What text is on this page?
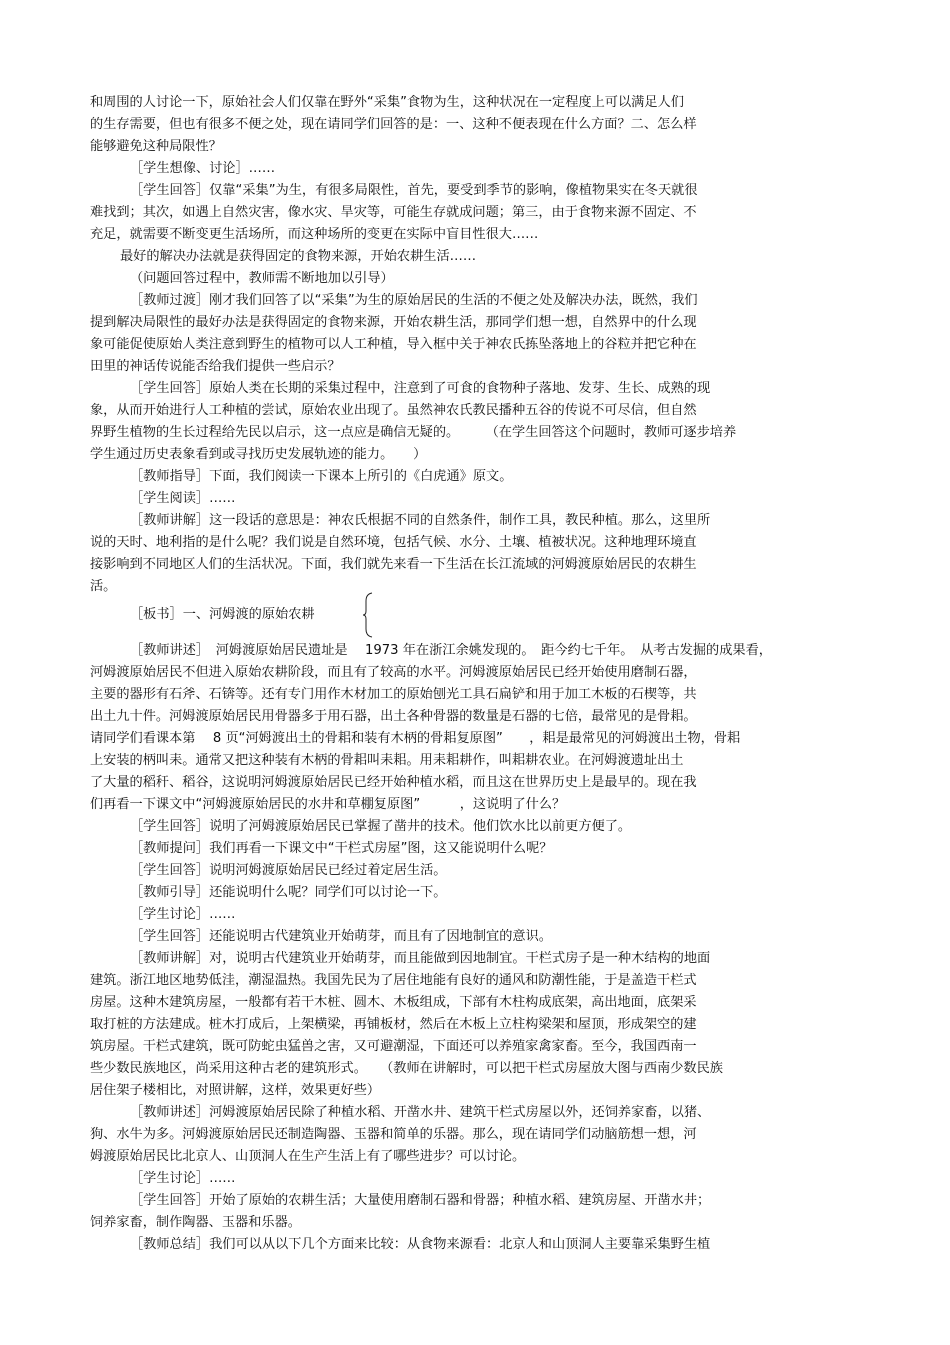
和周围的人讨论一下，原始社会人们仅靠在野外“采集”食物为生，这种状况在一定程度上可以满足人们
的生存需要，但也有很多不便之处，现在请同学们回答的是：一、这种不便表现在什么方面？二、怎么样
能够避免这种局限性？
［学生想像、讨论］……
［学生回答］仅靠“采集”为生，有很多局限性，首先，要受到季节的影响，像植物果实在冬天就很
难找到；其次，如遇上自然灾害，像水灾、旱灾等，可能生存就成问题；第三，由于食物来源不固定、不
充足，就需要不断变更生活场所，而这种场所的变更在实际中盲目性很大……
最好的解决办法就是获得固定的食物来源，开始农耕生活……
（问题回答过程中，教师需不断地加以引导）
［教师过渡］刚才我们回答了以“采集”为生的原始居民的生活的不便之处及解决办法，既然，我们
提到解决局限性的最好办法是获得固定的食物来源，开始农耕生活，那同学们想一想，自然界中的什么现
象可能促使原始人类注意到野生的植物可以人工种植，导入框中关于神农氏拣坠落地上的谷粒并把它种在
田里的神话传说能否给我们提供一些启示？
［学生回答］原始人类在长期的采集过程中，注意到了可食的食物种子落地、发芽、生长、成熟的现
象，从而开始进行人工种植的尝试，原始农业出现了。虽然神农氏教民播种五谷的传说不可尽信，但自然
界野生植物的生长过程给先民以启示，这一点应是确信无疑的。　　　（在学生回答这个问题时，教师可逐步培养
学生通过历史表象看到或寻找历史发展轨迹的能力。　　）
［教师指导］下面，我们阅读一下课本上所引的《白虎通》原文。
［学生阅读］……
［教师讲解］这一段话的意思是：神农氏根据不同的自然条件，制作工具，教民种植。那么，这里所
说的天时、地利指的是什么呢？我们说是自然环境，包括气候、水分、土壤、植被状况。这种地理环境直
接影响到不同地区人们的生活状况。下面，我们就先来看一下生活在长江流域的河姆渡原始居民的农耕生
活。
［板书］一、河姆渡的原始农耕
［教师讲述］　河姆渡原始居民遗址是　 1973 年在浙江余姚发现的。　距今约七千年。　从考古发掘的成果看，
河姆渡原始居民不但进入原始农耕阶段，而且有了较高的水平。河姆渡原始居民已经开始使用磨制石器，
主要的器形有石斧、石锛等。还有专门用作木材加工的原始刨光工具石扁铲和用于加工木板的石楔等，共
出土九十件。河姆渡原始居民用骨器多于用石器，出土各种骨器的数量是石器的七倍，最常见的是骨耜。
请同学们看课本第　 8 页“河姆渡出土的骨耜和装有木柄的骨耜复原图”　　，耜是最常见的河姆渡出土物，骨耜
上安装的柄叫耒。通常又把这种装有木柄的骨耜叫耒耜。用耒耜耕作，叫耜耕农业。在河姆渡遗址出土
了大量的稻秆、稻谷，这说明河姆渡原始居民已经开始种植水稻，而且这在世界历史上是最早的。现在我
们再看一下课文中“河姆渡原始居民的水井和草棚复原图”　　　，这说明了什么？
［学生回答］说明了河姆渡原始居民已掌握了凿井的技术。他们饮水比以前更方便了。
［教师提问］我们再看一下课文中“干栏式房屋”图，这又能说明什么呢？
［学生回答］说明河姆渡原始居民已经过着定居生活。
［教师引导］还能说明什么呢？同学们可以讨论一下。
［学生讨论］……
［学生回答］还能说明古代建筑业开始萌芽，而且有了因地制宜的意识。
［教师讲解］对，说明古代建筑业开始萌芽，而且能做到因地制宜。干栏式房子是一种木结构的地面
建筑。浙江地区地势低洼，潮湿温热。我国先民为了居住地能有良好的通风和防潮性能，于是盖造干栏式
房屋。这种木建筑房屋，一般都有若干木桩、圆木、木板组成，下部有木柱构成底架，高出地面，底架采
取打桩的方法建成。桩木打成后，上架横梁，再铺板材，然后在木板上立柱构梁架和屋顶，形成架空的建
筑房屋。干栏式建筑，既可防蛇虫猛兽之害，又可避潮湿，下面还可以养殖家禽家畜。至今，我国西南一
些少数民族地区，尚采用这种古老的建筑形式。　　（教师在讲解时，可以把干栏式房屋放大图与西南少数民族
居住架子楼相比，对照讲解，这样，效果更好些）
［教师讲述］河姆渡原始居民除了种植水稻、开凿水井、建筑干栏式房屋以外，还饲养家畜，以猪、
狗、水牛为多。河姆渡原始居民还制造陶器、玉器和简单的乐器。那么，现在请同学们动脑筋想一想，河
姆渡原始居民比北京人、山顶洞人在生产生活上有了哪些进步？可以讨论。
［学生讨论］……
［学生回答］开始了原始的农耕生活；大量使用磨制石器和骨器；种植水稻、建筑房屋、开凿水井；
饲养家畜，制作陶器、玉器和乐器。
［教师总结］我们可以从以下几个方面来比较：从食物来源看：北京人和山顶洞人主要靠采集野生植
